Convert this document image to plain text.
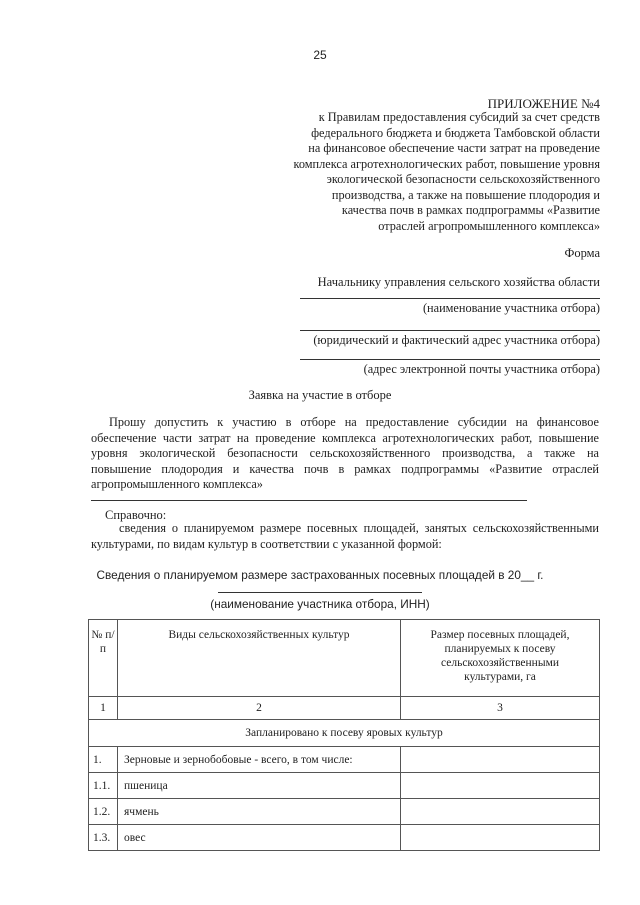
25
ПРИЛОЖЕНИЕ №4
к Правилам предоставления субсидий за счет средств
федерального бюджета и бюджета Тамбовской области
на финансовое обеспечение части затрат на проведение
комплекса агротехнологических работ, повышение уровня
экологической безопасности сельскохозяйственного
производства, а также на повышение плодородия и
качества почв в рамках подпрограммы «Развитие
отраслей агропромышленного комплекса»
Форма
Начальнику управления сельского хозяйства области
(наименование участника отбора)
(юридический и фактический адрес участника отбора)
(адрес электронной почты участника отбора)
Заявка на участие в отборе
Прошу допустить к участию в отборе на предоставление субсидии на финансовое обеспечение части затрат на проведение комплекса агротехнологических работ, повышение уровня экологической безопасности сельскохозяйственного производства, а также на повышение плодородия и качества почв в рамках подпрограммы «Развитие отраслей агропромышленного комплекса»
Справочно:
сведения о планируемом размере посевных площадей, занятых сельскохозяйственными культурами, по видам культур в соответствии с указанной формой:
Сведения о планируемом размере застрахованных посевных площадей в 20__ г.
(наименование участника отбора, ИНН)
№ п/п	Виды сельскохозяйственных культур	Размер посевных площадей, планируемых к посеву сельскохозяйственными культурами, га
1	2	3
Запланировано к посеву яровых культур		
1.	Зерновые и зернобобовые - всего, в том числе:	
1.1.	пшеница	
1.2.	ячмень	
1.3.	овес	
